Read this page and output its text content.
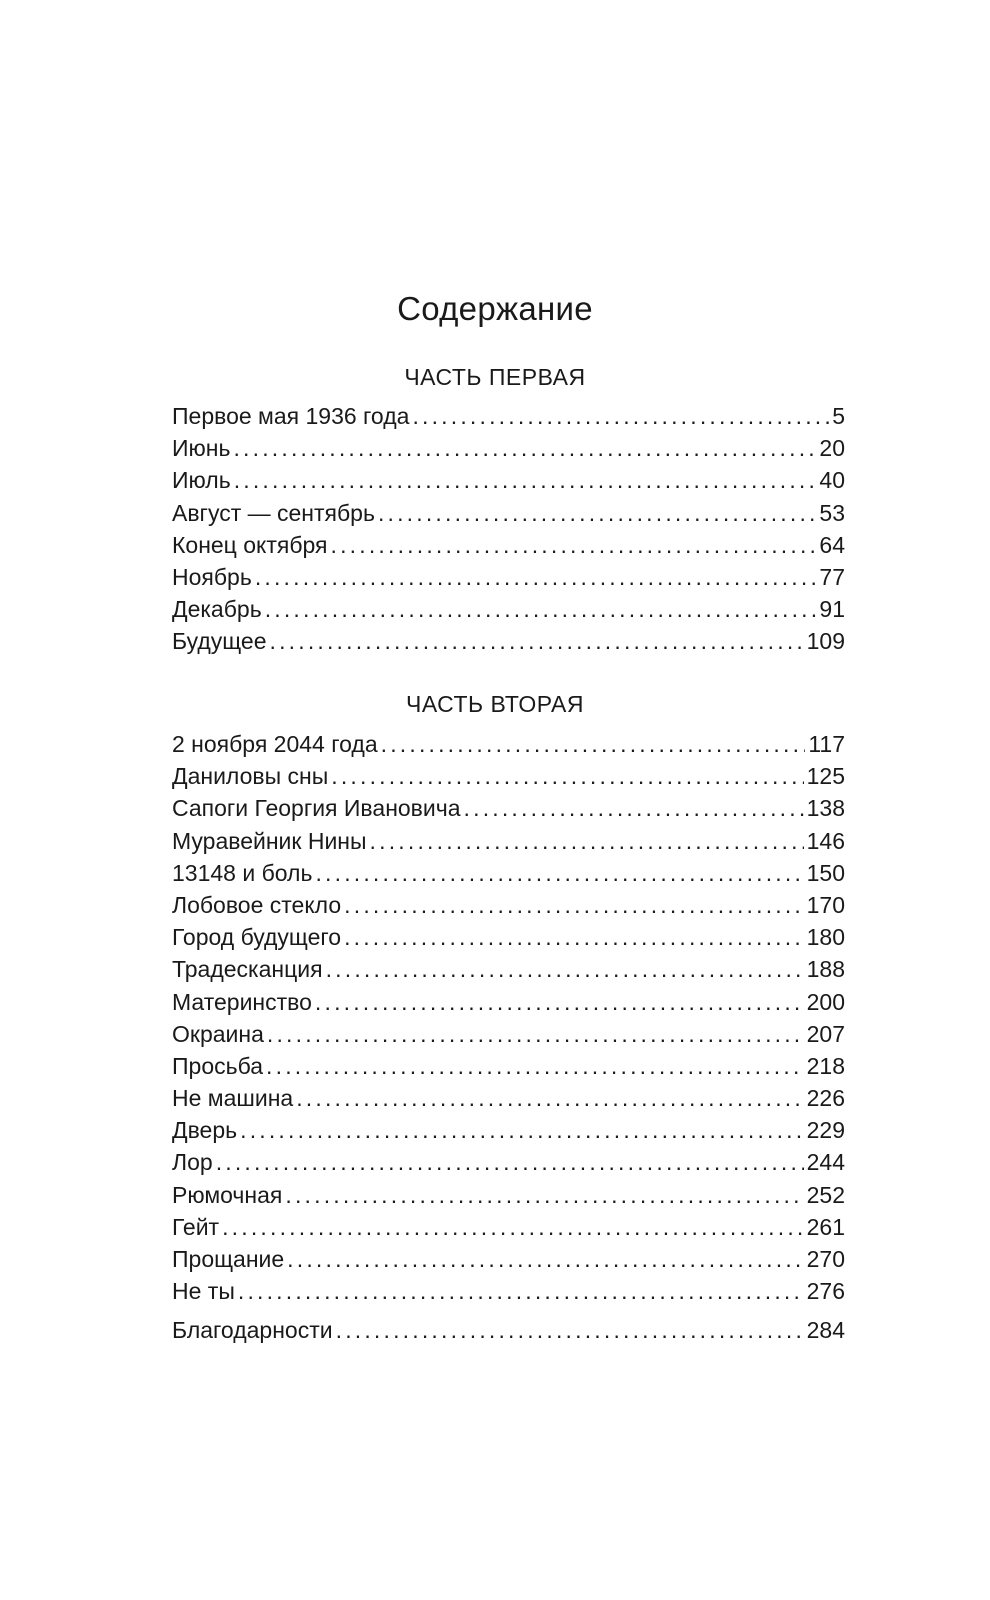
Содержание
ЧАСТЬ ПЕРВАЯ
Первое мая 1936 года . . .	5
Июнь . . .	20
Июль . . .	40
Август — сентябрь . . .	53
Конец октября . . .	64
Ноябрь . . .	77
Декабрь . . .	91
Будущее . . .	109
ЧАСТЬ ВТОРАЯ
2 ноября 2044 года . . .	117
Даниловы сны . . .	125
Сапоги Георгия Ивановича . . .	138
Муравейник Нины . . .	146
13148 и боль . . .	150
Лобовое стекло . . .	170
Город будущего . . .	180
Традесканция . . .	188
Материнство . . .	200
Окраина . . .	207
Просьба . . .	218
Не машина . . .	226
Дверь . . .	229
Лор . . .	244
Рюмочная . . .	252
Гейт . . .	261
Прощание . . .	270
Не ты . . .	276
Благодарности . . .	284
